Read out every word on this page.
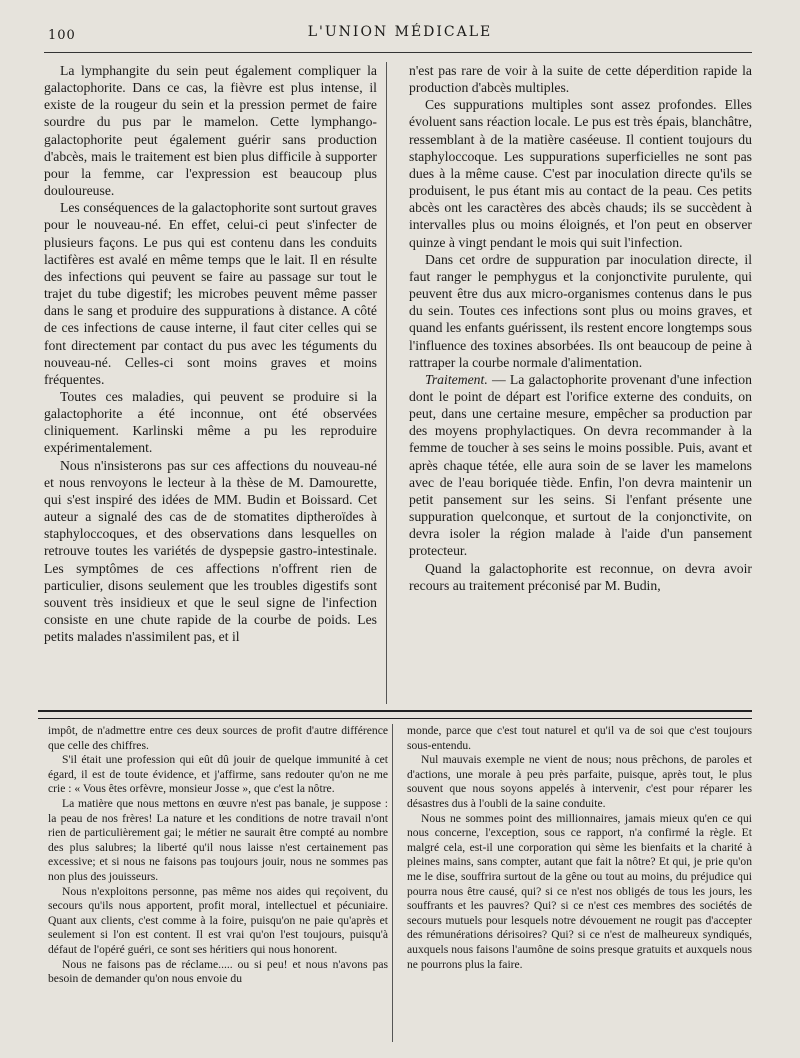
100	L'UNION MÉDICALE

La lymphangite du sein peut également compliquer la galactophorite. Dans ce cas, la fièvre est plus intense, il existe de la rougeur du sein et la pression permet de faire sourdre du pus par le mamelon. Cette lymphango-galactophorite peut également guérir sans production d'abcès, mais le traitement est bien plus difficile à supporter pour la femme, car l'expression est beaucoup plus douloureuse.

Les conséquences de la galactophorite sont surtout graves pour le nouveau-né. En effet, celui-ci peut s'infecter de plusieurs façons. Le pus qui est contenu dans les conduits lactifères est avalé en même temps que le lait. Il en résulte des infections qui peuvent se faire au passage sur tout le trajet du tube digestif; les microbes peuvent même passer dans le sang et produire des suppurations à distance. A côté de ces infections de cause interne, il faut citer celles qui se font directement par contact du pus avec les téguments du nouveau-né. Celles-ci sont moins graves et moins fréquentes.

Toutes ces maladies, qui peuvent se produire si la galactophorite a été inconnue, ont été observées cliniquement. Karlinski même a pu les reproduire expérimentalement.

Nous n'insisterons pas sur ces affections du nouveau-né et nous renvoyons le lecteur à la thèse de M. Damourette, qui s'est inspiré des idées de MM. Budin et Boissard. Cet auteur a signalé des cas de de stomatites diptheroïdes à staphyloccoques, et des observations dans lesquelles on retrouve toutes les variétés de dyspepsie gastro-intestinale. Les symptômes de ces affections n'offrent rien de particulier, disons seulement que les troubles digestifs sont souvent très insidieux et que le seul signe de l'infection consiste en une chute rapide de la courbe de poids. Les petits malades n'assimilent pas, et il

n'est pas rare de voir à la suite de cette déperdition rapide la production d'abcès multiples.

Ces suppurations multiples sont assez profondes. Elles évoluent sans réaction locale. Le pus est très épais, blanchâtre, ressemblant à de la matière caséeuse. Il contient toujours du staphyloccoque. Les suppurations superficielles ne sont pas dues à la même cause. C'est par inoculation directe qu'ils se produisent, le pus étant mis au contact de la peau. Ces petits abcès ont les caractères des abcès chauds; ils se succèdent à intervalles plus ou moins éloignés, et l'on peut en observer quinze à vingt pendant le mois qui suit l'infection.

Dans cet ordre de suppuration par inoculation directe, il faut ranger le pemphygus et la conjonctivite purulente, qui peuvent être dus aux micro-organismes contenus dans le pus du sein. Toutes ces infections sont plus ou moins graves, et quand les enfants guérissent, ils restent encore longtemps sous l'influence des toxines absorbées. Ils ont beaucoup de peine à rattraper la courbe normale d'alimentation.

Traitement. — La galactophorite provenant d'une infection dont le point de départ est l'orifice externe des conduits, on peut, dans une certaine mesure, empêcher sa production par des moyens prophylactiques. On devra recommander à la femme de toucher à ses seins le moins possible. Puis, avant et après chaque tétée, elle aura soin de se laver les mamelons avec de l'eau boriquée tiède. Enfin, l'on devra maintenir un petit pansement sur les seins. Si l'enfant présente une suppuration quelconque, et surtout de la conjonctivite, on devra isoler la région malade à l'aide d'un pansement protecteur.

Quand la galactophorite est reconnue, on devra avoir recours au traitement préconisé par M. Budin,

impôt, de n'admettre entre ces deux sources de profit d'autre différence que celle des chiffres.

S'il était une profession qui eût dû jouir de quelque immunité à cet égard, il est de toute évidence, et j'affirme, sans redouter qu'on ne me crie : « Vous êtes orfèvre, monsieur Josse », que c'est la nôtre.

La matière que nous mettons en œuvre n'est pas banale, je suppose : la peau de nos frères! La nature et les conditions de notre travail n'ont rien de particulièrement gai; le métier ne saurait être compté au nombre des plus salubres; la liberté qu'il nous laisse n'est certainement pas excessive; et si nous ne faisons pas toujours jouir, nous ne sommes pas non plus des jouisseurs.

Nous n'exploitons personne, pas même nos aides qui reçoivent, du secours qu'ils nous apportent, profit moral, intellectuel et pécuniaire. Quant aux clients, c'est comme à la foire, puisqu'on ne paie qu'après et seulement si l'on est content. Il est vrai qu'on l'est toujours, puisqu'à défaut de l'opéré guéri, ce sont ses héritiers qui nous honorent.

Nous ne faisons pas de réclame..... ou si peu! et nous n'avons pas besoin de demander qu'on nous envoie du

monde, parce que c'est tout naturel et qu'il va de soi que c'est toujours sous-entendu.

Nul mauvais exemple ne vient de nous; nous prêchons, de paroles et d'actions, une morale à peu près parfaite, puisque, après tout, le plus souvent que nous soyons appelés à intervenir, c'est pour réparer les désastres dus à l'oubli de la saine conduite.

Nous ne sommes point des millionnaires, jamais mieux qu'en ce qui nous concerne, l'exception, sous ce rapport, n'a confirmé la règle. Et malgré cela, est-il une corporation qui sème les bienfaits et la charité à pleines mains, sans compter, autant que fait la nôtre? Et qui, je prie qu'on me le dise, souffrira surtout de la gêne ou tout au moins, du préjudice qui pourra nous être causé, qui? si ce n'est nos obligés de tous les jours, les souffrants et les pauvres? Qui? si ce n'est ces membres des sociétés de secours mutuels pour lesquels notre dévouement ne rougit pas d'accepter des rémunérations dérisoires? Qui? si ce n'est de malheureux syndiqués, auxquels nous faisons l'aumône de soins presque gratuits et auxquels nous ne pourrons plus la faire.
